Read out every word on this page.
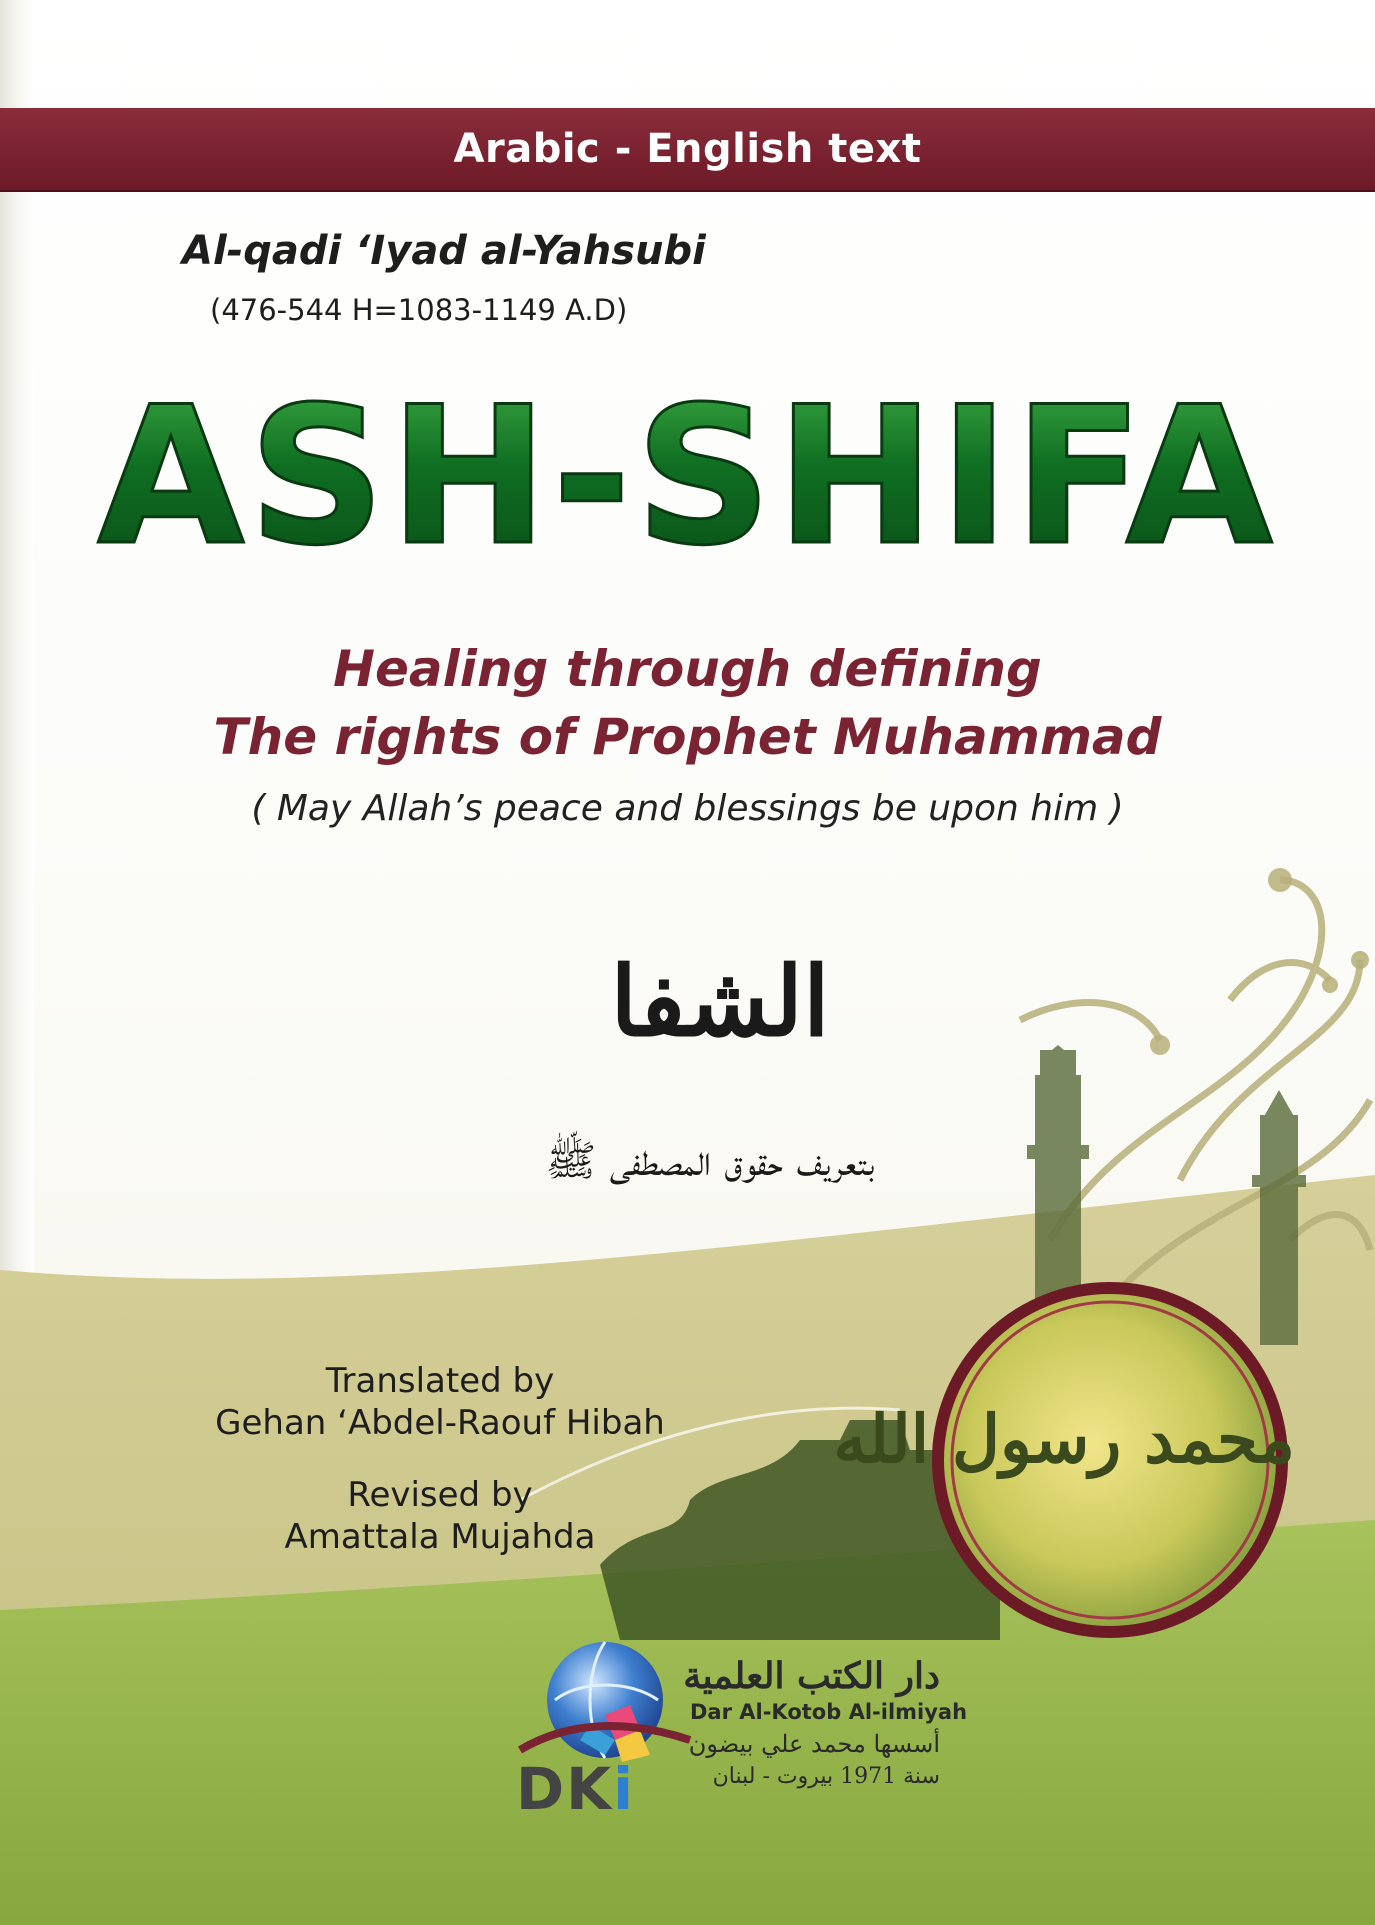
Arabic - English text
Al-qadi ‘Iyad al-Yahsubi
(476-544 H=1083-1149 A.D)
ASH-SHIFA
Healing through defining
The rights of Prophet Muhammad
( May Allah’s peace and blessings be upon him )
الشفا
بتعريف حقوق المصطفى ﷺ
Translated by
Gehan ‘Abdel-Raouf Hibah
Revised by
Amattala Mujahda
محمد رسول الله
DKi
دار الكتب العلمية
Dar Al-Kotob Al-ilmiyah
أسسها محمد علي بيضون
سنة 1971 بيروت - لبنان
